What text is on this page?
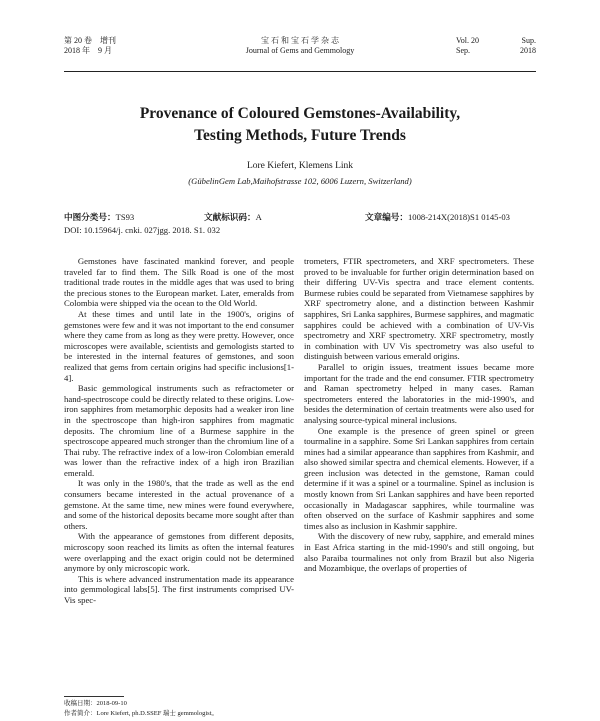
第 20 卷 增刊
2018 年 9 月
宝 石 和 宝 石 学 杂 志
Journal of Gems and Gemmology
Vol. 20	Sup.
Sep.	2018
Provenance of Coloured Gemstones-Availability,
Testing Methods, Future Trends
Lore Kiefert, Klemens Link
(GübelinGem Lab,Maihofstrasse 102, 6006 Luzern, Switzerland)
中图分类号：TS93	文献标识码：A	文章编号：1008-214X(2018)S1 0145-03
DOI: 10.15964/j. cnki. 027jgg. 2018. S1. 032

Gemstones have fascinated mankind forever, and people traveled far to find them. The Silk Road is one of the most traditional trade routes in the middle ages that was used to bring the precious stones to the European market. Later, emeralds from Colombia were shipped via the ocean to the Old World.

At these times and until late in the 1900's, origins of gemstones were few and it was not important to the end consumer where they came from as long as they were pretty. However, once microscopes were available, scientists and gemologists started to be interested in the internal features of gemstones, and soon realized that gems from certain origins had specific inclusions[1-4].

Basic gemmological instruments such as refractometer or hand-spectroscope could be directly related to these origins. Low-iron sapphires from metamorphic deposits had a weaker iron line in the spectroscope than high-iron sapphires from magmatic deposits. The chromium line of a Burmese sapphire in the spectroscope appeared much stronger than the chromium line of a Thai ruby. The refractive index of a low-iron Colombian emerald was lower than the refractive index of a high iron Brazilian emerald.

It was only in the 1980's, that the trade as well as the end consumers became interested in the actual provenance of a gemstone. At the same time, new mines were found everywhere, and some of the historical deposits became more sought after than others.

With the appearance of gemstones from different deposits, microscopy soon reached its limits as often the internal features were overlapping and the exact origin could not be determined anymore by only microscopic work.

This is where advanced instrumentation made its appearance into gemmological labs[5]. The first instruments comprised UV-Vis spec-

trometers, FTIR spectrometers, and XRF spectrometers. These proved to be invaluable for further origin determination based on their differing UV-Vis spectra and trace element contents. Burmese rubies could be separated from Vietnamese sapphires by XRF spectrometry alone, and a distinction between Kashmir sapphires, Sri Lanka sapphires, Burmese sapphires, and magmatic sapphires could be achieved with a combination of UV-Vis spectrometry and XRF spectrometry. XRF spectrometry, mostly in combination with UV Vis spectrometry was also useful to distinguish between various emerald origins.

Parallel to origin issues, treatment issues became more important for the trade and the end consumer. FTIR spectrometry and Raman spectrometry helped in many cases. Raman spectrometers entered the laboratories in the mid-1990's, and besides the determination of certain treatments were also used for analysing source-typical mineral inclusions.

One example is the presence of green spinel or green tourmaline in a sapphire. Some Sri Lankan sapphires from certain mines had a similar appearance than sapphires from Kashmir, and also showed similar spectra and chemical elements. However, if a green inclusion was detected in the gemstone, Raman could determine if it was a spinel or a tourmaline. Spinel as inclusion is mostly known from Sri Lankan sapphires and have been reported occasionally in Madagascar sapphires, while tourmaline was often observed on the surface of Kashmir sapphires and some times also as inclusion in Kashmir sapphire.

With the discovery of new ruby, sapphire, and emerald mines in East Africa starting in the mid-1990's and still ongoing, but also Paraiba tourmalines not only from Brazil but also Nigeria and Mozambique, the overlaps of properties of

收稿日期：2018-09-10
作者简介：Lore Kiefert, ph.D.SSEF 瑞士 gemmologist。
